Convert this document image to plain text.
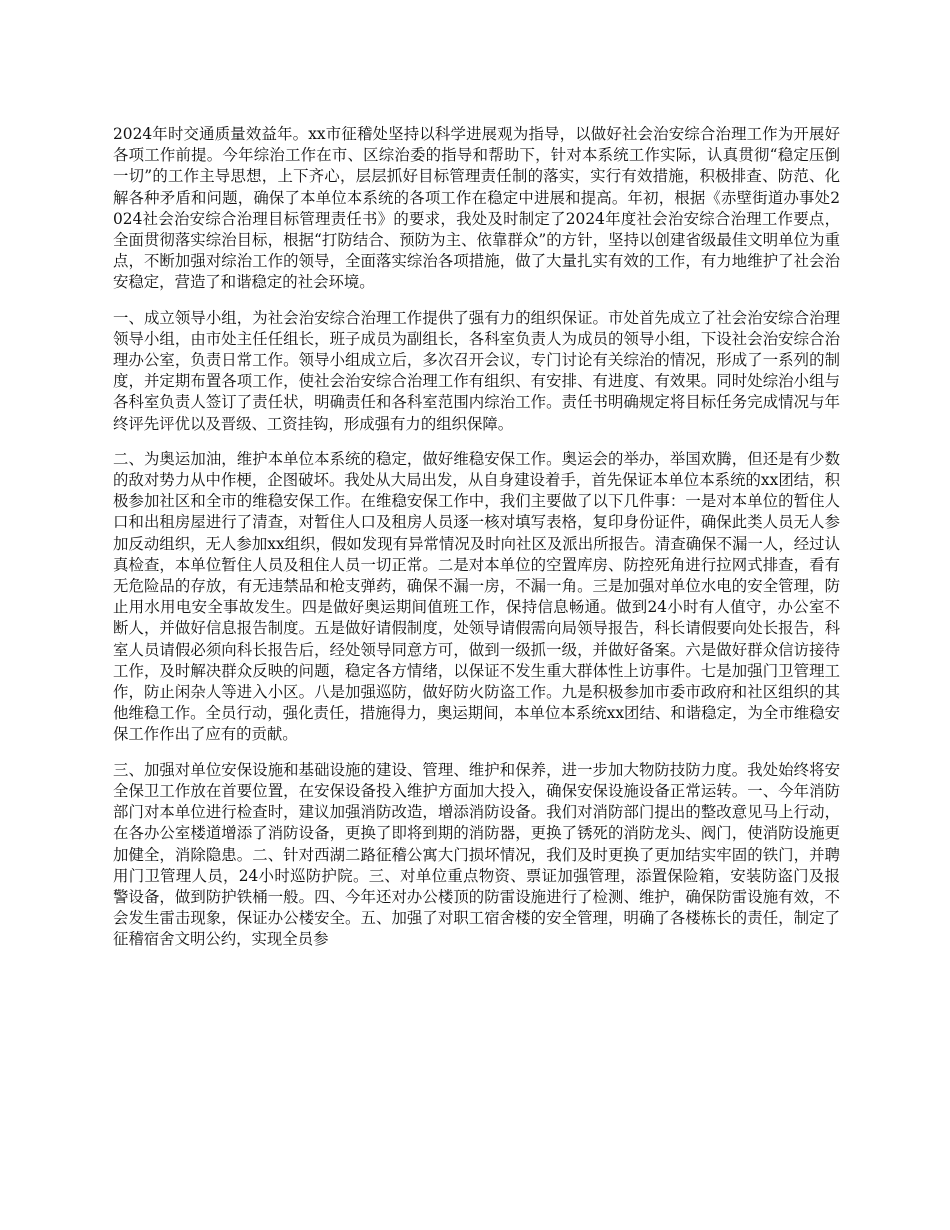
2024年时交通质量效益年。xx市征稽处坚持以科学进展观为指导，以做好社会治安综合治理工作为开展好各项工作前提。今年综治工作在市、区综治委的指导和帮助下，针对本系统工作实际，认真贯彻“稳定压倒一切”的工作主导思想，上下齐心，层层抓好目标管理责任制的落实，实行有效措施，积极排查、防范、化解各种矛盾和问题，确保了本单位本系统的各项工作在稳定中进展和提高。年初，根据《赤壁街道办事处2024社会治安综合治理目标管理责任书》的要求，我处及时制定了2024年度社会治安综合治理工作要点，全面贯彻落实综治目标，根据“打防结合、预防为主、依靠群众”的方针，坚持以创建省级最佳文明单位为重点，不断加强对综治工作的领导，全面落实综治各项措施，做了大量扎实有效的工作，有力地维护了社会治安稳定，营造了和谐稳定的社会环境。

一、成立领导小组，为社会治安综合治理工作提供了强有力的组织保证。市处首先成立了社会治安综合治理领导小组，由市处主任任组长，班子成员为副组长，各科室负责人为成员的领导小组，下设社会治安综合治理办公室，负责日常工作。领导小组成立后，多次召开会议，专门讨论有关综治的情况，形成了一系列的制度，并定期布置各项工作，使社会治安综合治理工作有组织、有安排、有进度、有效果。同时处综治小组与各科室负责人签订了责任状，明确责任和各科室范围内综治工作。责任书明确规定将目标任务完成情况与年终评先评优以及晋级、工资挂钩，形成强有力的组织保障。

二、为奥运加油，维护本单位本系统的稳定，做好维稳安保工作。奥运会的举办，举国欢腾，但还是有少数的敌对势力从中作梗，企图破坏。我处从大局出发，从自身建设着手，首先保证本单位本系统的xx团结，积极参加社区和全市的维稳安保工作。在维稳安保工作中，我们主要做了以下几件事：一是对本单位的暂住人口和出租房屋进行了清查，对暂住人口及租房人员逐一核对填写表格，复印身份证件，确保此类人员无人参加反动组织，无人参加xx组织，假如发现有异常情况及时向社区及派出所报告。清查确保不漏一人，经过认真检查，本单位暂住人员及租住人员一切正常。二是对本单位的空置库房、防控死角进行拉网式排查，看有无危险品的存放，有无违禁品和枪支弹药，确保不漏一房，不漏一角。三是加强对单位水电的安全管理，防止用水用电安全事故发生。四是做好奥运期间值班工作，保持信息畅通。做到24小时有人值守，办公室不断人，并做好信息报告制度。五是做好请假制度，处领导请假需向局领导报告，科长请假要向处长报告，科室人员请假必须向科长报告后，经处领导同意方可，做到一级抓一级，并做好备案。六是做好群众信访接待工作，及时解决群众反映的问题，稳定各方情绪，以保证不发生重大群体性上访事件。七是加强门卫管理工作，防止闲杂人等进入小区。八是加强巡防，做好防火防盗工作。九是积极参加市委市政府和社区组织的其他维稳工作。全员行动，强化责任，措施得力，奥运期间，本单位本系统xx团结、和谐稳定，为全市维稳安保工作作出了应有的贡献。

三、加强对单位安保设施和基础设施的建设、管理、维护和保养，进一步加大物防技防力度。我处始终将安全保卫工作放在首要位置，在安保设备投入维护方面加大投入，确保安保设施设备正常运转。一、今年消防部门对本单位进行检查时，建议加强消防改造，增添消防设备。我们对消防部门提出的整改意见马上行动，在各办公室楼道增添了消防设备，更换了即将到期的消防器，更换了锈死的消防龙头、阀门，使消防设施更加健全，消除隐患。二、针对西湖二路征稽公寓大门损坏情况，我们及时更换了更加结实牢固的铁门，并聘用门卫管理人员，24小时巡防护院。三、对单位重点物资、票证加强管理，添置保险箱，安装防盗门及报警设备，做到防护铁桶一般。四、今年还对办公楼顶的防雷设施进行了检测、维护，确保防雷设施有效，不会发生雷击现象，保证办公楼安全。五、加强了对职工宿舍楼的安全管理，明确了各楼栋长的责任，制定了征稽宿舍文明公约，实现全员参
